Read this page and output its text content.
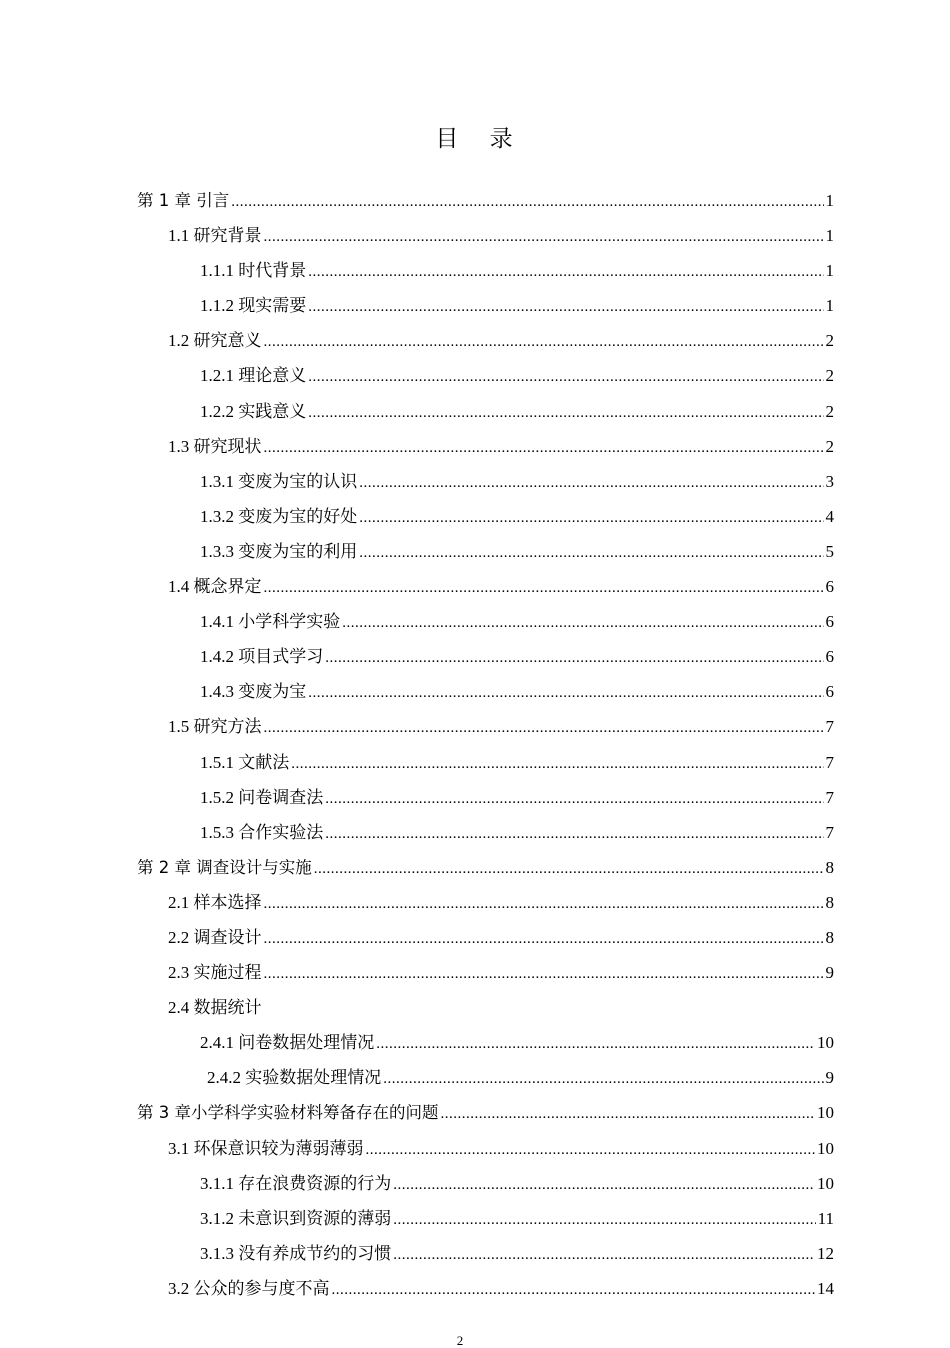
目 录
第 1 章 引言 .....	1
1.1 研究背景 .....	1
1.1.1 时代背景 .....	1
1.1.2 现实需要 .....	1
1.2 研究意义 .....	2
1.2.1 理论意义 .....	2
1.2.2 实践意义 .....	2
1.3 研究现状 .....	2
1.3.1 变废为宝的认识 .....	3
1.3.2 变废为宝的好处 .....	4
1.3.3 变废为宝的利用 .....	5
1.4 概念界定 .....	6
1.4.1 小学科学实验 .....	6
1.4.2 项目式学习 .....	6
1.4.3 变废为宝 .....	6
1.5 研究方法 .....	7
1.5.1 文献法 .....	7
1.5.2 问卷调查法 .....	7
1.5.3 合作实验法 .....	7
第 2 章 调查设计与实施 .....	8
2.1 样本选择 .....	8
2.2 调查设计 .....	8
2.3 实施过程 .....	9
2.4 数据统计
2.4.1 问卷数据处理情况 .....	10
2.4.2 实验数据处理情况 .....	9
第 3 章小学科学实验材料筹备存在的问题 .....	10
3.1 环保意识较为薄弱薄弱 .....	10
3.1.1 存在浪费资源的行为 .....	10
3.1.2 未意识到资源的薄弱 .....	11
3.1.3 没有养成节约的习惯 .....	12
3.2 公众的参与度不高 .....	14
2
